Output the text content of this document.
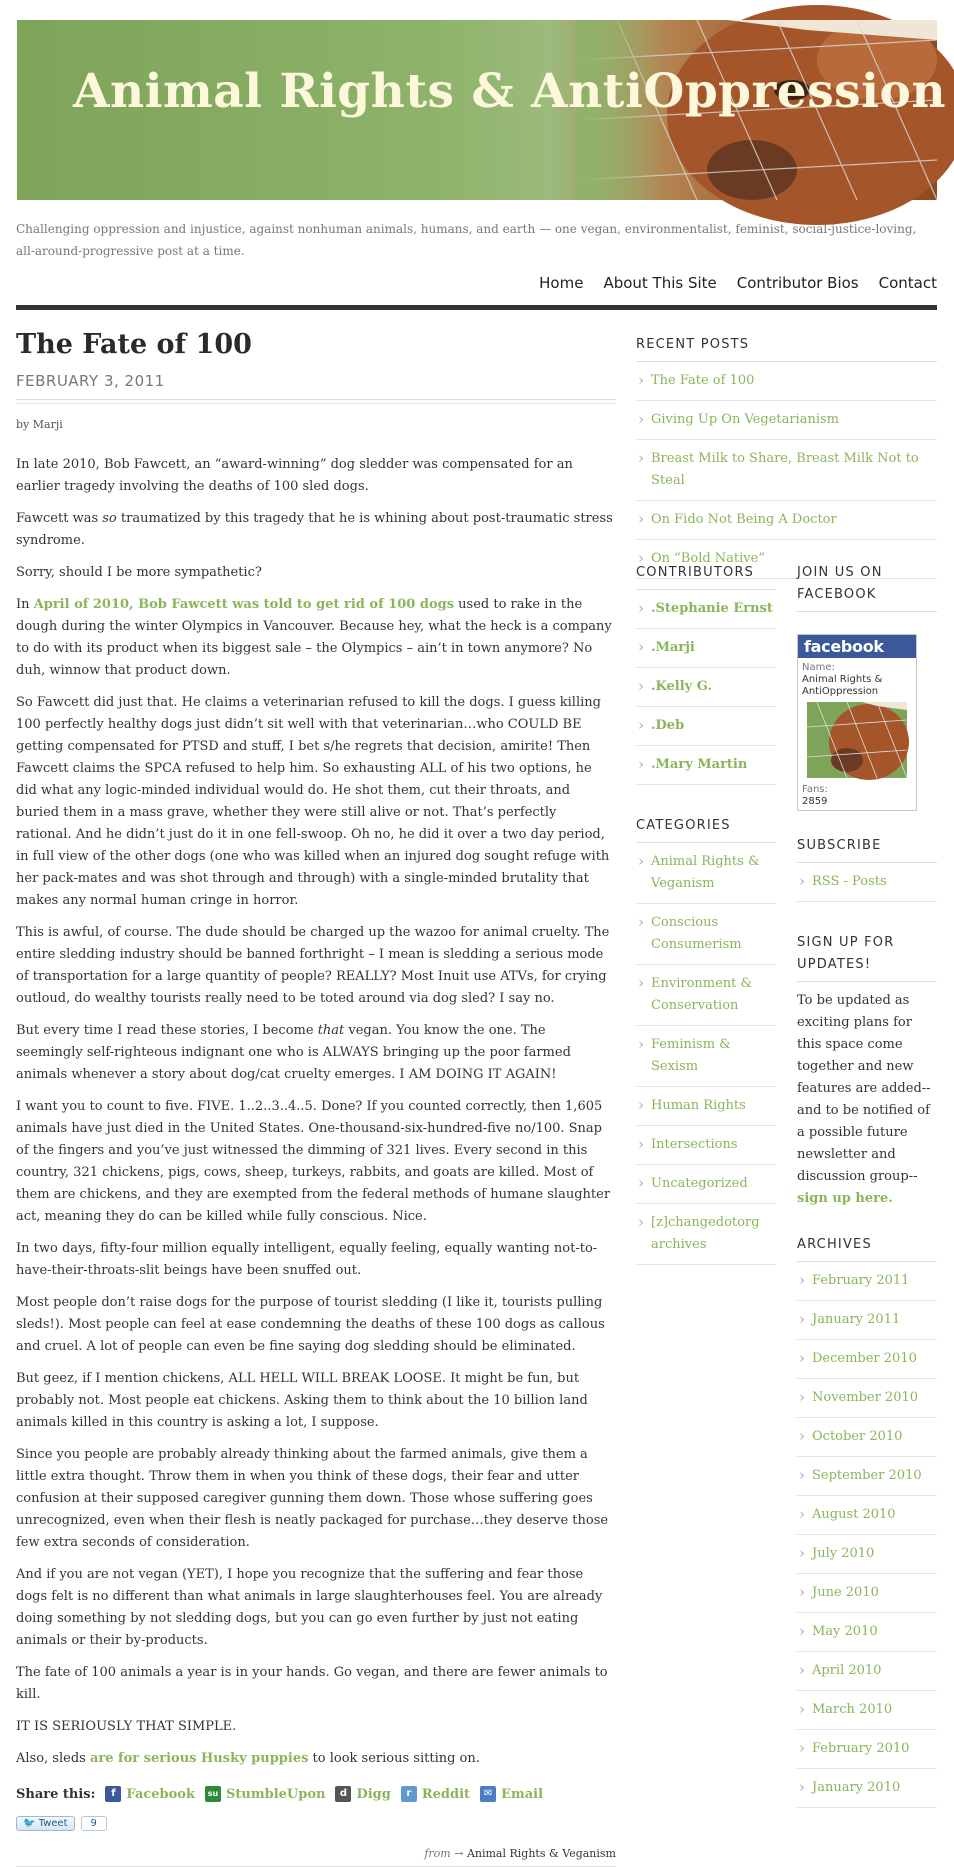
Animal Rights & AntiOppression
Challenging oppression and injustice, against nonhuman animals, humans, and earth — one vegan, environmentalist, feminist, social-justice-loving, all-around-progressive post at a time.
Home About This Site Contributor Bios Contact
The Fate of 100
FEBRUARY 3, 2011
by Marji

In late 2010, Bob Fawcett, an “award-winning” dog sledder was compensated for an earlier tragedy involving the deaths of 100 sled dogs.

Fawcett was so traumatized by this tragedy that he is whining about post-traumatic stress syndrome.

Sorry, should I be more sympathetic?

In April of 2010, Bob Fawcett was told to get rid of 100 dogs used to rake in the dough during the winter Olympics in Vancouver. Because hey, what the heck is a company to do with its product when its biggest sale – the Olympics – ain’t in town anymore? No duh, winnow that product down.

So Fawcett did just that. He claims a veterinarian refused to kill the dogs. I guess killing 100 perfectly healthy dogs just didn’t sit well with that veterinarian…who COULD BE getting compensated for PTSD and stuff, I bet s/he regrets that decision, amirite! Then Fawcett claims the SPCA refused to help him. So exhausting ALL of his two options, he did what any logic-minded individual would do. He shot them, cut their throats, and buried them in a mass grave, whether they were still alive or not. That’s perfectly rational. And he didn’t just do it in one fell-swoop. Oh no, he did it over a two day period, in full view of the other dogs (one who was killed when an injured dog sought refuge with her pack-mates and was shot through and through) with a single-minded brutality that makes any normal human cringe in horror.

This is awful, of course. The dude should be charged up the wazoo for animal cruelty. The entire sledding industry should be banned forthright – I mean is sledding a serious mode of transportation for a large quantity of people? REALLY? Most Inuit use ATVs, for crying outloud, do wealthy tourists really need to be toted around via dog sled? I say no.

But every time I read these stories, I become that vegan. You know the one. The seemingly self-righteous indignant one who is ALWAYS bringing up the poor farmed animals whenever a story about dog/cat cruelty emerges. I AM DOING IT AGAIN!

I want you to count to five. FIVE. 1..2..3..4..5. Done? If you counted correctly, then 1,605 animals have just died in the United States. One-thousand-six-hundred-five no/100. Snap of the fingers and you’ve just witnessed the dimming of 321 lives. Every second in this country, 321 chickens, pigs, cows, sheep, turkeys, rabbits, and goats are killed. Most of them are chickens, and they are exempted from the federal methods of humane slaughter act, meaning they do can be killed while fully conscious. Nice.

In two days, fifty-four million equally intelligent, equally feeling, equally wanting not-to-have-their-throats-slit beings have been snuffed out.

Most people don’t raise dogs for the purpose of tourist sledding (I like it, tourists pulling sleds!). Most people can feel at ease condemning the deaths of these 100 dogs as callous and cruel. A lot of people can even be fine saying dog sledding should be eliminated.

But geez, if I mention chickens, ALL HELL WILL BREAK LOOSE. It might be fun, but probably not. Most people eat chickens. Asking them to think about the 10 billion land animals killed in this country is asking a lot, I suppose.

Since you people are probably already thinking about the farmed animals, give them a little extra thought. Throw them in when you think of these dogs, their fear and utter confusion at their supposed caregiver gunning them down. Those whose suffering goes unrecognized, even when their flesh is neatly packaged for purchase…they deserve those few extra seconds of consideration.

And if you are not vegan (YET), I hope you recognize that the suffering and fear those dogs felt is no different than what animals in large slaughterhouses feel. You are already doing something by not sledding dogs, but you can go even further by just not eating animals or their by-products.

The fate of 100 animals a year is in your hands. Go vegan, and there are fewer animals to kill.

IT IS SERIOUSLY THAT SIMPLE.

Also, sleds are for serious Husky puppies to look serious sitting on.

Share this:	f Facebook	su StumbleUpon	d Digg	r Reddit	✉ Email
🐦 Tweet	9
from → Animal Rights & Veganism
RECENT POSTS
› The Fate of 100
› Giving Up On Vegetarianism
› Breast Milk to Share, Breast Milk Not to Steal
› On Fido Not Being A Doctor
› On “Bold Native”
CONTRIBUTORS
› .Stephanie Ernst
› .Marji
› .Kelly G.
› .Deb
› .Mary Martin
CATEGORIES
› Animal Rights & Veganism
› Conscious Consumerism
› Environment & Conservation
› Feminism & Sexism
› Human Rights
› Intersections
› Uncategorized
› [z]changedotorg archives
JOIN US ON FACEBOOK
facebook
Name:
Animal Rights & AntiOppression
Fans:
2859
SUBSCRIBE
› RSS - Posts
SIGN UP FOR UPDATES!
To be updated as exciting plans for this space come together and new features are added--and to be notified of a possible future newsletter and discussion group--sign up here.
ARCHIVES
› February 2011
› January 2011
› December 2010
› November 2010
› October 2010
› September 2010
› August 2010
› July 2010
› June 2010
› May 2010
› April 2010
› March 2010
› February 2010
› January 2010
